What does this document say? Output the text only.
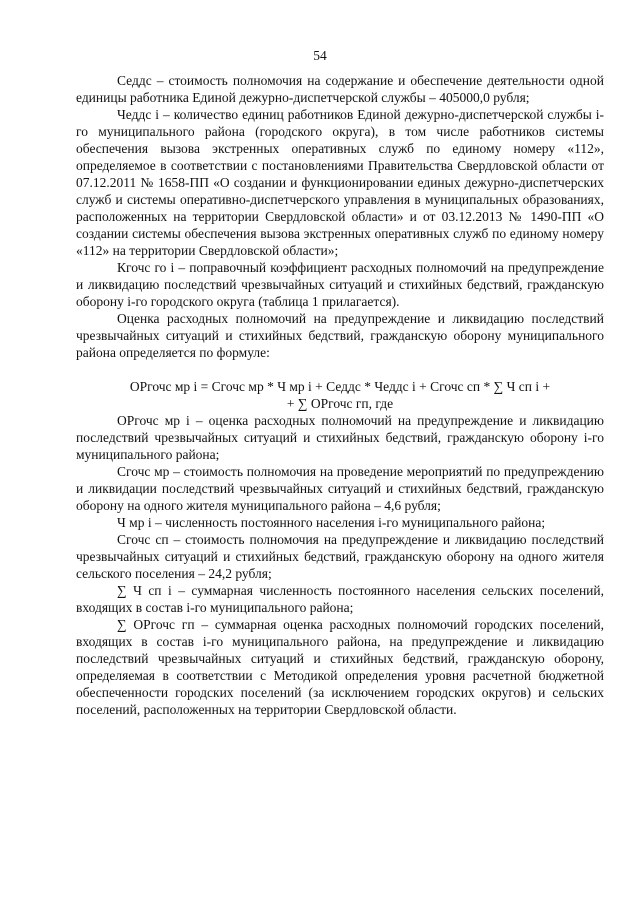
54

Седдс – стоимость полномочия на содержание и обеспечение деятельности одной единицы работника Единой дежурно-диспетчерской службы – 405000,0 рубля;

Чеддс i – количество единиц работников Единой дежурно-диспетчерской службы i-го муниципального района (городского округа), в том числе работников системы обеспечения вызова экстренных оперативных служб по единому номеру «112», определяемое в соответствии с постановлениями Правительства Свердловской области от 07.12.2011 № 1658-ПП «О создании и функционировании единых дежурно-диспетчерских служб и системы оперативно-диспетчерского управления в муниципальных образованиях, расположенных на территории Свердловской области» и от 03.12.2013 № 1490-ПП «О создании системы обеспечения вызова экстренных оперативных служб по единому номеру «112» на территории Свердловской области»;

Кгочс го i – поправочный коэффициент расходных полномочий на предупреждение и ликвидацию последствий чрезвычайных ситуаций и стихийных бедствий, гражданскую оборону i-го городского округа (таблица 1 прилагается).

Оценка расходных полномочий на предупреждение и ликвидацию последствий чрезвычайных ситуаций и стихийных бедствий, гражданскую оборону муниципального района определяется по формуле:

ОРгочс мр i = Сгочс мр * Ч мр i + Седдс * Чеддс i + Сгочс сп * ∑ Ч сп i +

+ ∑ ОРгочс гп, где

ОРгочс мр i – оценка расходных полномочий на предупреждение и ликвидацию последствий чрезвычайных ситуаций и стихийных бедствий, гражданскую оборону i-го муниципального района;

Сгочс мр – стоимость полномочия на проведение мероприятий по предупреждению и ликвидации последствий чрезвычайных ситуаций и стихийных бедствий, гражданскую оборону на одного жителя муниципального района – 4,6 рубля;

Ч мр i – численность постоянного населения i-го муниципального района;

Сгочс сп – стоимость полномочия на предупреждение и ликвидацию последствий чрезвычайных ситуаций и стихийных бедствий, гражданскую оборону на одного жителя сельского поселения – 24,2 рубля;

∑ Ч сп i – суммарная численность постоянного населения сельских поселений, входящих в состав i-го муниципального района;

∑ ОРгочс гп – суммарная оценка расходных полномочий городских поселений, входящих в состав i-го муниципального района, на предупреждение и ликвидацию последствий чрезвычайных ситуаций и стихийных бедствий, гражданскую оборону, определяемая в соответствии с Методикой определения уровня расчетной бюджетной обеспеченности городских поселений (за исключением городских округов) и сельских поселений, расположенных на территории Свердловской области.
